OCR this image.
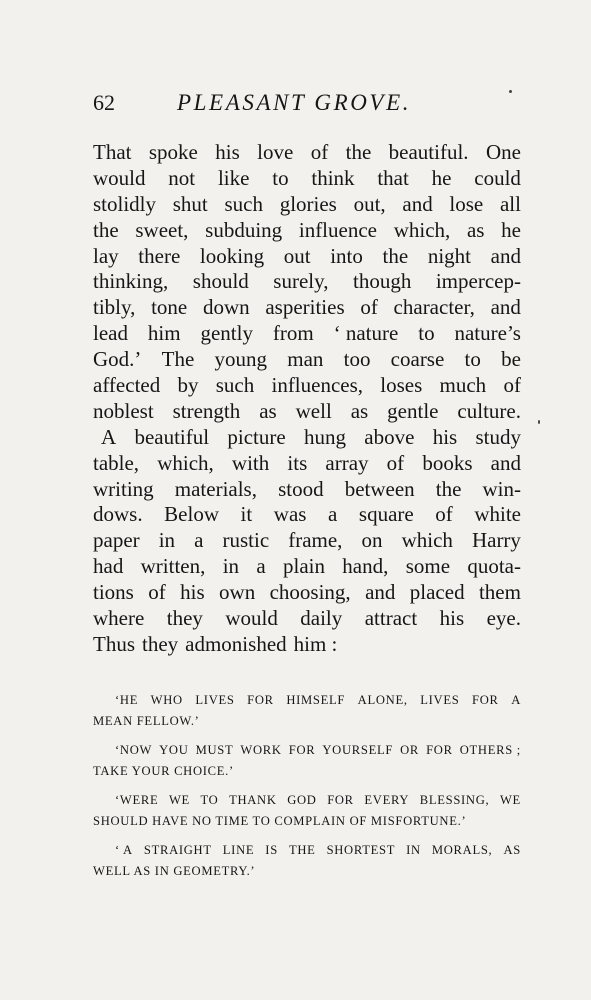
62	PLEASANT GROVE.
That spoke his love of the beautiful. One
would not like to think that he could
stolidly shut such glories out, and lose all
the sweet, subduing influence which, as he
lay there looking out into the night and
thinking, should surely, though impercep-
tibly, tone down asperities of character, and
lead him gently from ‘ nature to nature’s
God.’ The young man too coarse to be
affected by such influences, loses much of
noblest strength as well as gentle culture.
A beautiful picture hung above his study
table, which, with its array of books and
writing materials, stood between the win-
dows. Below it was a square of white
paper in a rustic frame, on which Harry
had written, in a plain hand, some quota-
tions of his own choosing, and placed them
where they would daily attract his eye.
Thus they admonished him :
‘HE WHO LIVES FOR HIMSELF ALONE, LIVES FOR A
MEAN FELLOW.’
‘NOW YOU MUST WORK FOR YOURSELF OR FOR OTHERS ;
TAKE YOUR CHOICE.’
‘WERE WE TO THANK GOD FOR EVERY BLESSING, WE
SHOULD HAVE NO TIME TO COMPLAIN OF MISFORTUNE.’
‘ A STRAIGHT LINE IS THE SHORTEST IN MORALS, AS
WELL AS IN GEOMETRY.’
